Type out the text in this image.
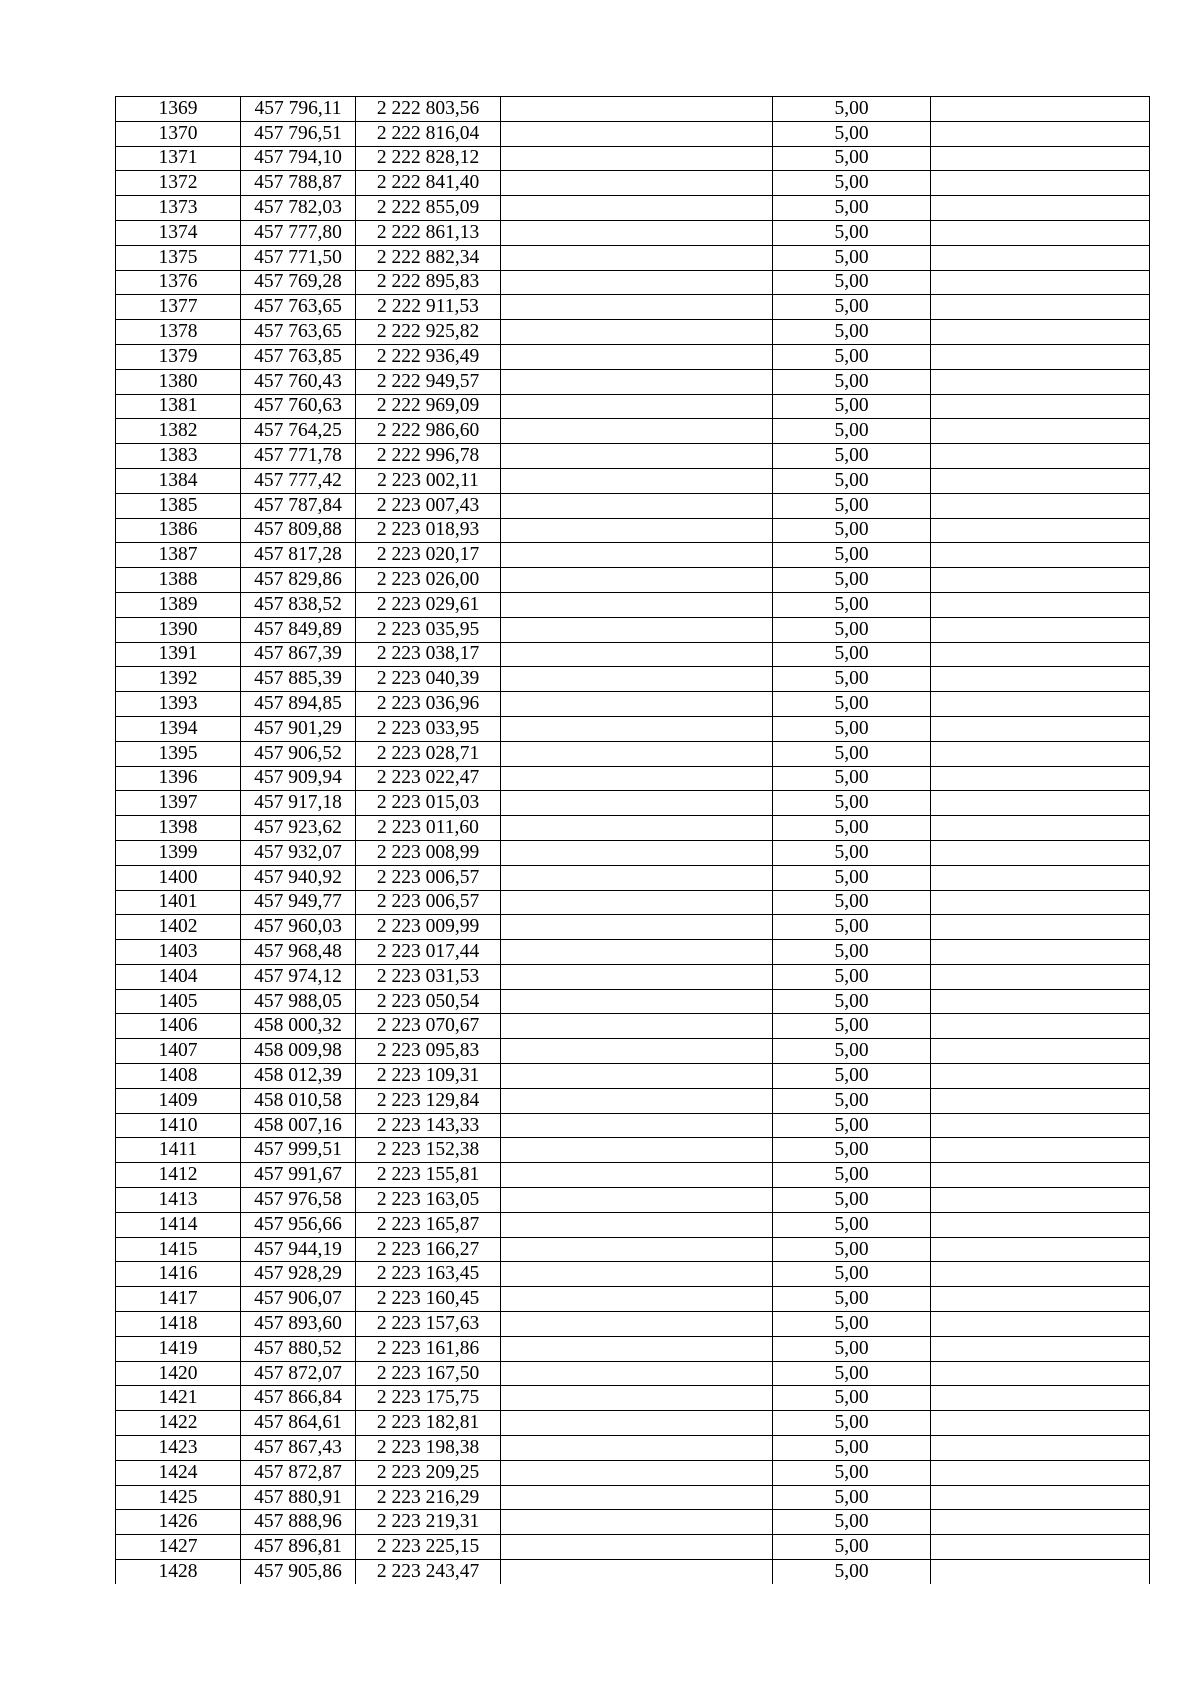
1369	457 796,11	2 222 803,56		5,00	
1370	457 796,51	2 222 816,04		5,00	
1371	457 794,10	2 222 828,12		5,00	
1372	457 788,87	2 222 841,40		5,00	
1373	457 782,03	2 222 855,09		5,00	
1374	457 777,80	2 222 861,13		5,00	
1375	457 771,50	2 222 882,34		5,00	
1376	457 769,28	2 222 895,83		5,00	
1377	457 763,65	2 222 911,53		5,00	
1378	457 763,65	2 222 925,82		5,00	
1379	457 763,85	2 222 936,49		5,00	
1380	457 760,43	2 222 949,57		5,00	
1381	457 760,63	2 222 969,09		5,00	
1382	457 764,25	2 222 986,60		5,00	
1383	457 771,78	2 222 996,78		5,00	
1384	457 777,42	2 223 002,11		5,00	
1385	457 787,84	2 223 007,43		5,00	
1386	457 809,88	2 223 018,93		5,00	
1387	457 817,28	2 223 020,17		5,00	
1388	457 829,86	2 223 026,00		5,00	
1389	457 838,52	2 223 029,61		5,00	
1390	457 849,89	2 223 035,95		5,00	
1391	457 867,39	2 223 038,17		5,00	
1392	457 885,39	2 223 040,39		5,00	
1393	457 894,85	2 223 036,96		5,00	
1394	457 901,29	2 223 033,95		5,00	
1395	457 906,52	2 223 028,71		5,00	
1396	457 909,94	2 223 022,47		5,00	
1397	457 917,18	2 223 015,03		5,00	
1398	457 923,62	2 223 011,60		5,00	
1399	457 932,07	2 223 008,99		5,00	
1400	457 940,92	2 223 006,57		5,00	
1401	457 949,77	2 223 006,57		5,00	
1402	457 960,03	2 223 009,99		5,00	
1403	457 968,48	2 223 017,44		5,00	
1404	457 974,12	2 223 031,53		5,00	
1405	457 988,05	2 223 050,54		5,00	
1406	458 000,32	2 223 070,67		5,00	
1407	458 009,98	2 223 095,83		5,00	
1408	458 012,39	2 223 109,31		5,00	
1409	458 010,58	2 223 129,84		5,00	
1410	458 007,16	2 223 143,33		5,00	
1411	457 999,51	2 223 152,38		5,00	
1412	457 991,67	2 223 155,81		5,00	
1413	457 976,58	2 223 163,05		5,00	
1414	457 956,66	2 223 165,87		5,00	
1415	457 944,19	2 223 166,27		5,00	
1416	457 928,29	2 223 163,45		5,00	
1417	457 906,07	2 223 160,45		5,00	
1418	457 893,60	2 223 157,63		5,00	
1419	457 880,52	2 223 161,86		5,00	
1420	457 872,07	2 223 167,50		5,00	
1421	457 866,84	2 223 175,75		5,00	
1422	457 864,61	2 223 182,81		5,00	
1423	457 867,43	2 223 198,38		5,00	
1424	457 872,87	2 223 209,25		5,00	
1425	457 880,91	2 223 216,29		5,00	
1426	457 888,96	2 223 219,31		5,00	
1427	457 896,81	2 223 225,15		5,00	
1428	457 905,86	2 223 243,47		5,00	
